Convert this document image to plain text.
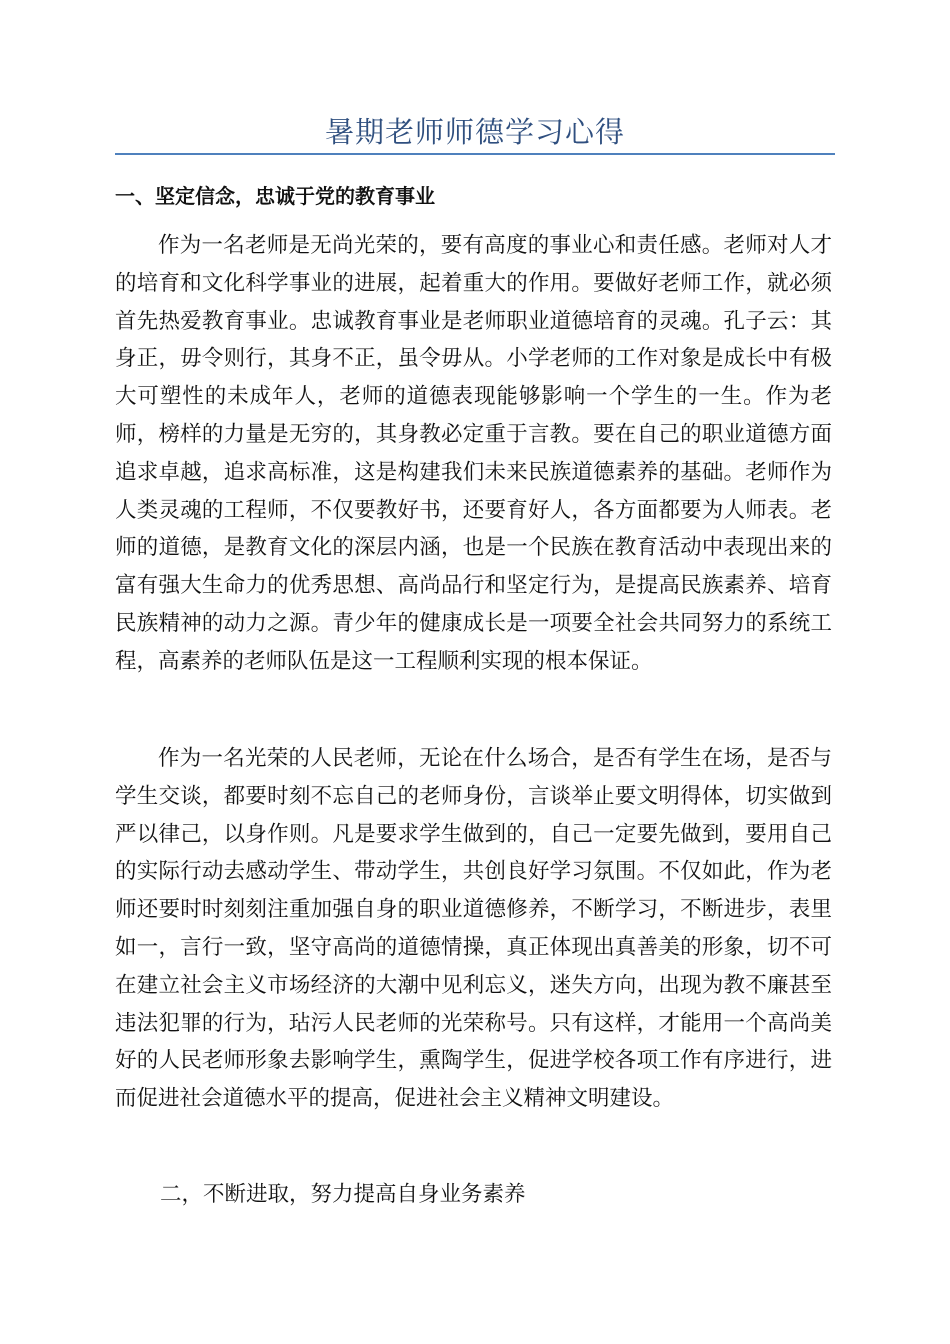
暑期老师师德学习心得
一、坚定信念，忠诚于党的教育事业

作为一名老师是无尚光荣的，要有高度的事业心和责任感。老师对人才的培育和文化科学事业的进展，起着重大的作用。要做好老师工作，就必须首先热爱教育事业。忠诚教育事业是老师职业道德培育的灵魂。孔子云：其身正，毋令则行，其身不正，虽令毋从。小学老师的工作对象是成长中有极大可塑性的未成年人，老师的道德表现能够影响一个学生的一生。作为老师，榜样的力量是无穷的，其身教必定重于言教。要在自己的职业道德方面追求卓越，追求高标准，这是构建我们未来民族道德素养的基础。老师作为人类灵魂的工程师，不仅要教好书，还要育好人，各方面都要为人师表。老师的道德，是教育文化的深层内涵，也是一个民族在教育活动中表现出来的富有强大生命力的优秀思想、高尚品行和坚定行为，是提高民族素养、培育民族精神的动力之源。青少年的健康成长是一项要全社会共同努力的系统工程，高素养的老师队伍是这一工程顺利实现的根本保证。

作为一名光荣的人民老师，无论在什么场合，是否有学生在场，是否与学生交谈，都要时刻不忘自己的老师身份，言谈举止要文明得体，切实做到严以律己，以身作则。凡是要求学生做到的，自己一定要先做到，要用自己的实际行动去感动学生、带动学生，共创良好学习氛围。不仅如此，作为老师还要时时刻刻注重加强自身的职业道德修养，不断学习，不断进步，表里如一，言行一致，坚守高尚的道德情操，真正体现出真善美的形象，切不可在建立社会主义市场经济的大潮中见利忘义，迷失方向，出现为教不廉甚至违法犯罪的行为，玷污人民老师的光荣称号。只有这样，才能用一个高尚美好的人民老师形象去影响学生，熏陶学生，促进学校各项工作有序进行，进而促进社会道德水平的提高，促进社会主义精神文明建设。

二，不断进取，努力提高自身业务素养
